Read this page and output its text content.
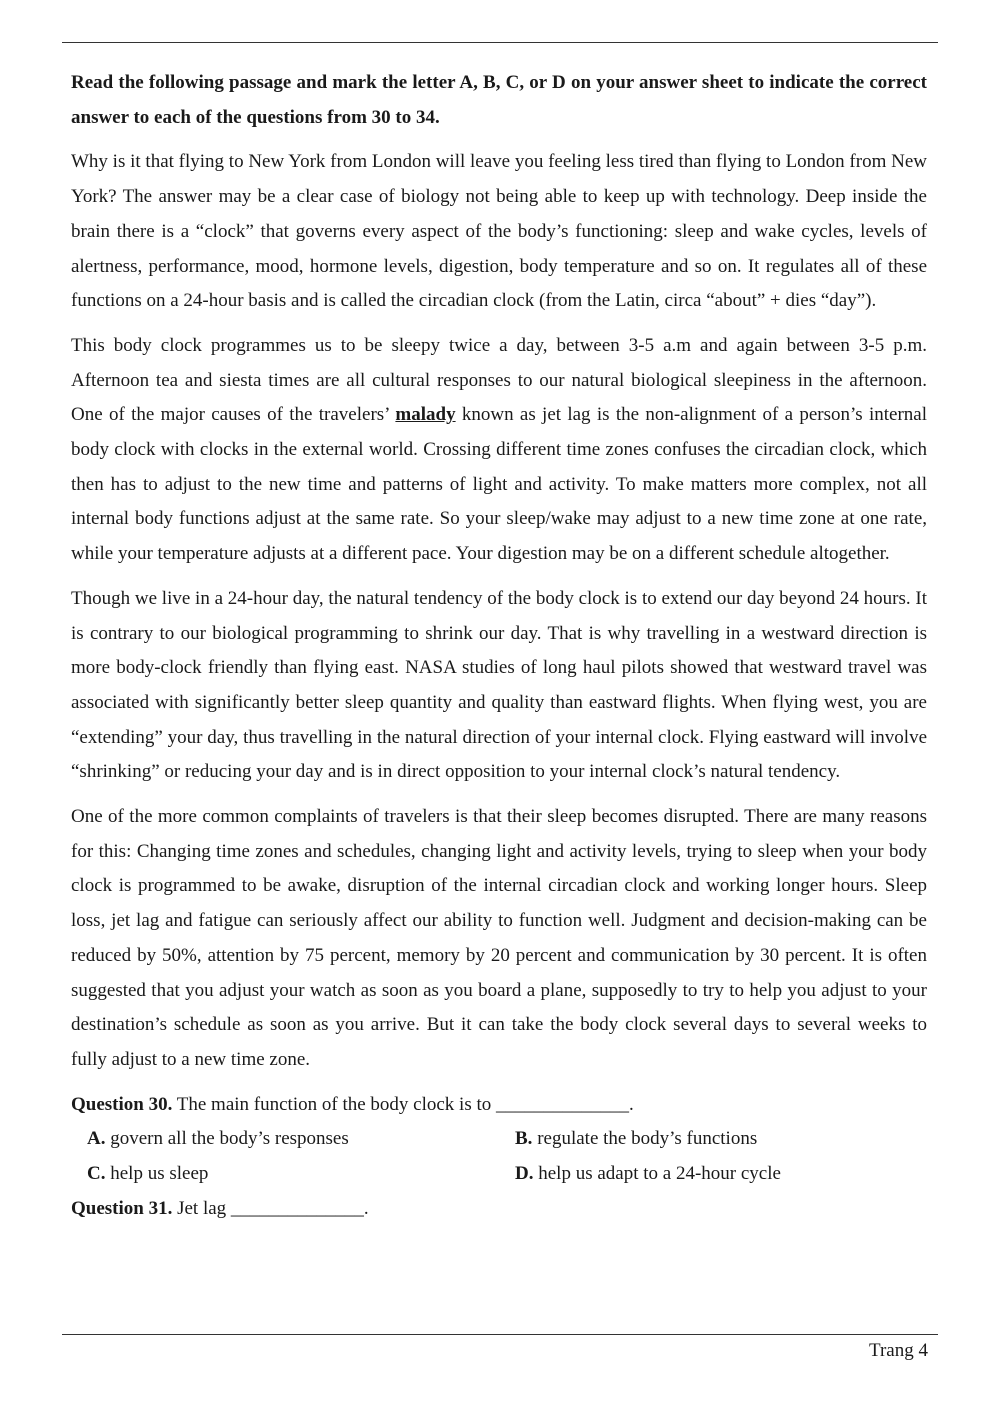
Read the following passage and mark the letter A, B, C, or D on your answer sheet to indicate the correct answer to each of the questions from 30 to 34.

Why is it that flying to New York from London will leave you feeling less tired than flying to London from New York? The answer may be a clear case of biology not being able to keep up with technology. Deep inside the brain there is a “clock” that governs every aspect of the body’s functioning: sleep and wake cycles, levels of alertness, performance, mood, hormone levels, digestion, body temperature and so on. It regulates all of these functions on a 24-hour basis and is called the circadian clock (from the Latin, circa “about” + dies “day”).

This body clock programmes us to be sleepy twice a day, between 3-5 a.m and again between 3-5 p.m. Afternoon tea and siesta times are all cultural responses to our natural biological sleepiness in the afternoon. One of the major causes of the travelers’ malady known as jet lag is the non-alignment of a person’s internal body clock with clocks in the external world. Crossing different time zones confuses the circadian clock, which then has to adjust to the new time and patterns of light and activity. To make matters more complex, not all internal body functions adjust at the same rate. So your sleep/wake may adjust to a new time zone at one rate, while your temperature adjusts at a different pace. Your digestion may be on a different schedule altogether.

Though we live in a 24-hour day, the natural tendency of the body clock is to extend our day beyond 24 hours. It is contrary to our biological programming to shrink our day. That is why travelling in a westward direction is more body-clock friendly than flying east. NASA studies of long haul pilots showed that westward travel was associated with significantly better sleep quantity and quality than eastward flights. When flying west, you are “extending” your day, thus travelling in the natural direction of your internal clock. Flying eastward will involve “shrinking” or reducing your day and is in direct opposition to your internal clock’s natural tendency.

One of the more common complaints of travelers is that their sleep becomes disrupted. There are many reasons for this: Changing time zones and schedules, changing light and activity levels, trying to sleep when your body clock is programmed to be awake, disruption of the internal circadian clock and working longer hours. Sleep loss, jet lag and fatigue can seriously affect our ability to function well. Judgment and decision-making can be reduced by 50%, attention by 75 percent, memory by 20 percent and communication by 30 percent. It is often suggested that you adjust your watch as soon as you board a plane, supposedly to try to help you adjust to your destination’s schedule as soon as you arrive. But it can take the body clock several days to several weeks to fully adjust to a new time zone.

Question 30. The main function of the body clock is to ______________.

A. govern all the body’s responses	B. regulate the body’s functions
C. help us sleep	D. help us adapt to a 24-hour cycle

Question 31. Jet lag ______________.

Trang 4
